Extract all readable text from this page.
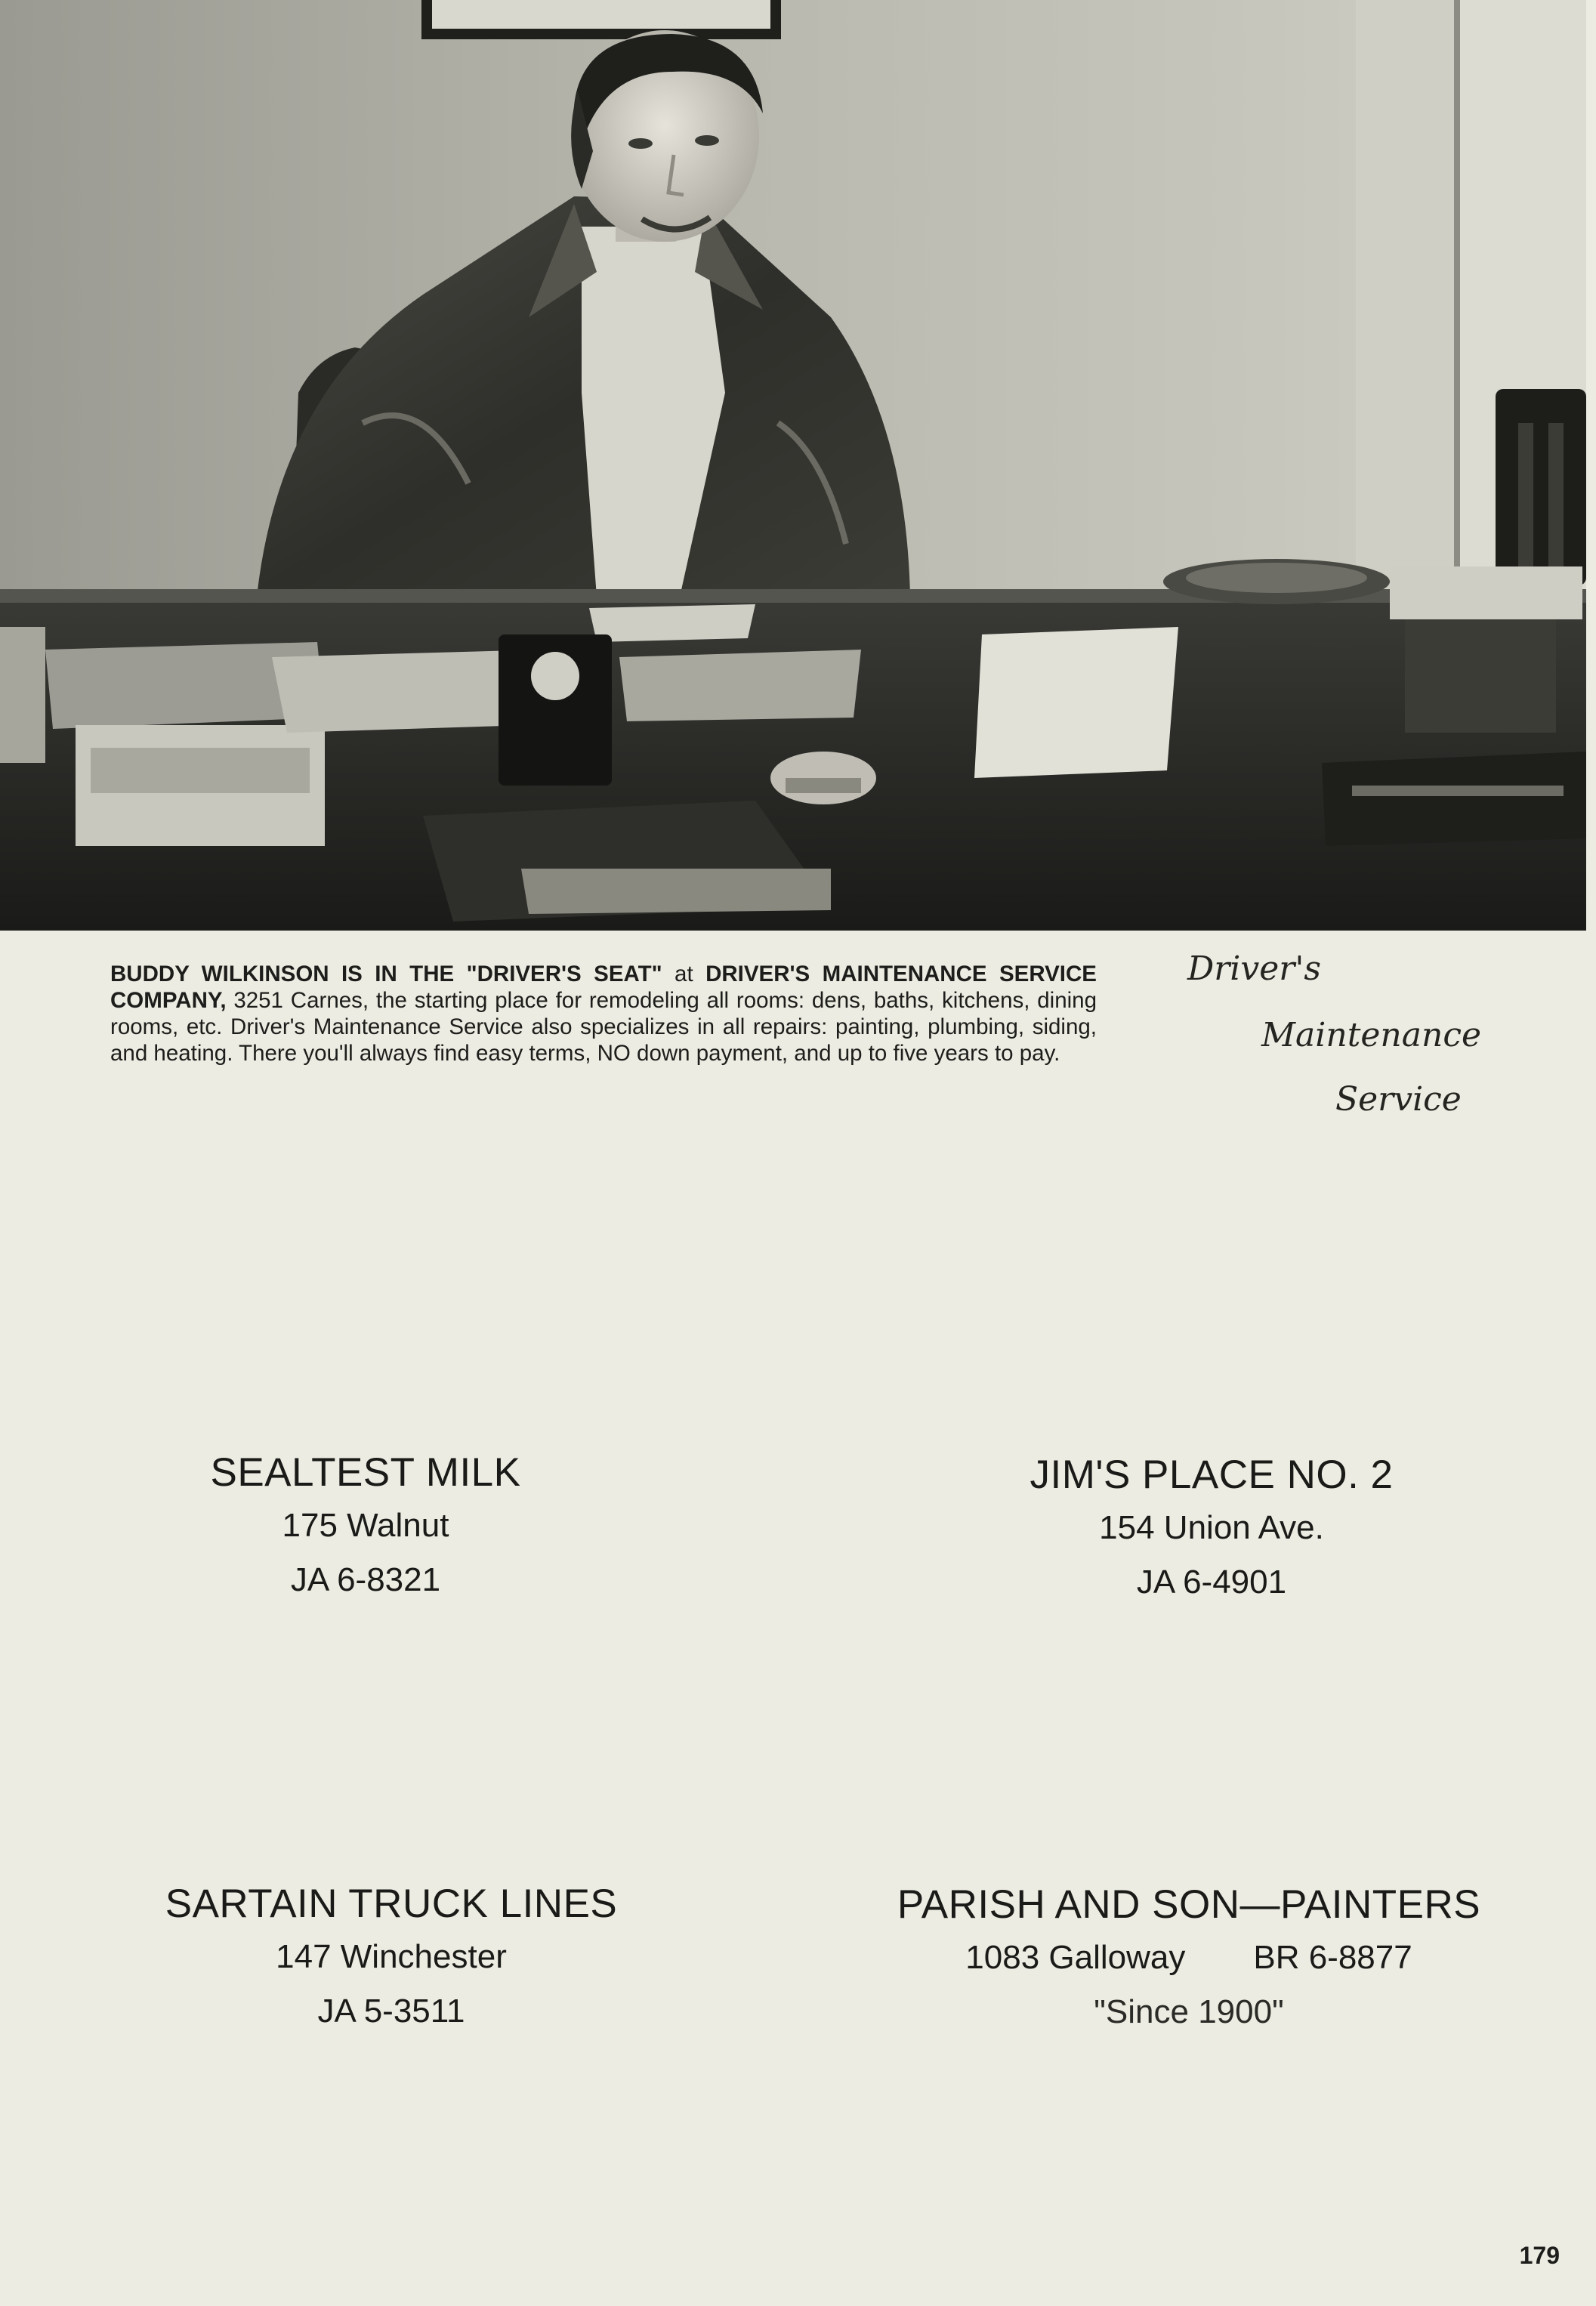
BUDDY WILKINSON IS IN THE "DRIVER'S SEAT" at DRIVER'S MAINTENANCE SERVICE COMPANY, 3251 Carnes, the starting place for remodeling all rooms: dens, baths, kitchens, dining rooms, etc. Driver's Maintenance Service also specializes in all repairs: painting, plumbing, siding, and heating. There you'll always find easy terms, NO down payment, and up to five years to pay.
Driver's
Maintenance
Service
SEALTEST MILK
175 Walnut
JA 6-8321
JIM'S PLACE NO. 2
154 Union Ave.
JA 6-4901
SARTAIN TRUCK LINES
147 Winchester
JA 5-3511
PARISH AND SON—PAINTERS
1083 Galloway BR 6-8877
"Since 1900"
179
